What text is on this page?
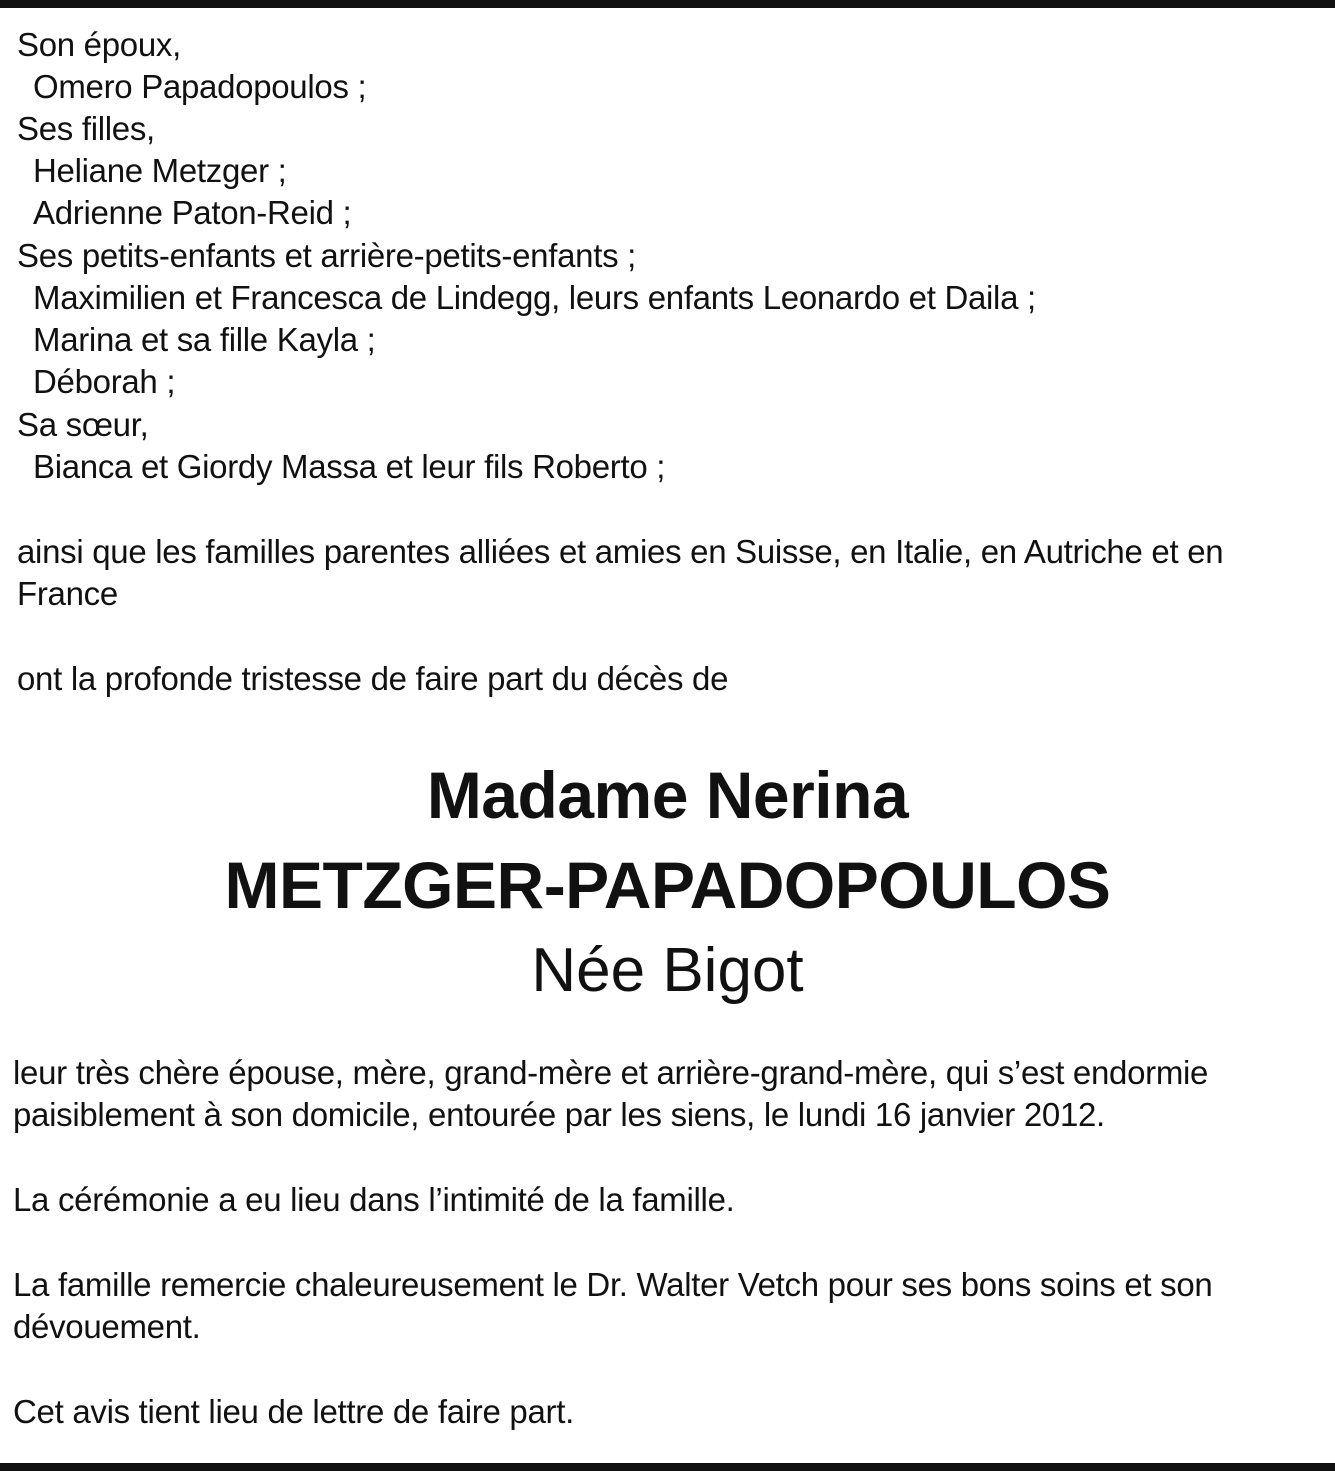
Son époux,
Omero Papadopoulos ;
Ses filles,
Heliane Metzger ;
Adrienne Paton-Reid ;
Ses petits-enfants et arrière-petits-enfants ;
Maximilien et Francesca de Lindegg, leurs enfants Leonardo et Daila ;
Marina et sa fille Kayla ;
Déborah ;
Sa sœur,
Bianca et Giordy Massa et leur fils Roberto ;
ainsi que les familles parentes alliées et amies en Suisse, en Italie, en Autriche et en
France
ont la profonde tristesse de faire part du décès de
Madame Nerina
METZGER-PAPADOPOULOS
Née Bigot
leur très chère épouse, mère, grand-mère et arrière-grand-mère, qui s’est endormie
paisiblement à son domicile, entourée par les siens, le lundi 16 janvier 2012.
La cérémonie a eu lieu dans l’intimité de la famille.
La famille remercie chaleureusement le Dr. Walter Vetch pour ses bons soins et son
dévouement.
Cet avis tient lieu de lettre de faire part.
